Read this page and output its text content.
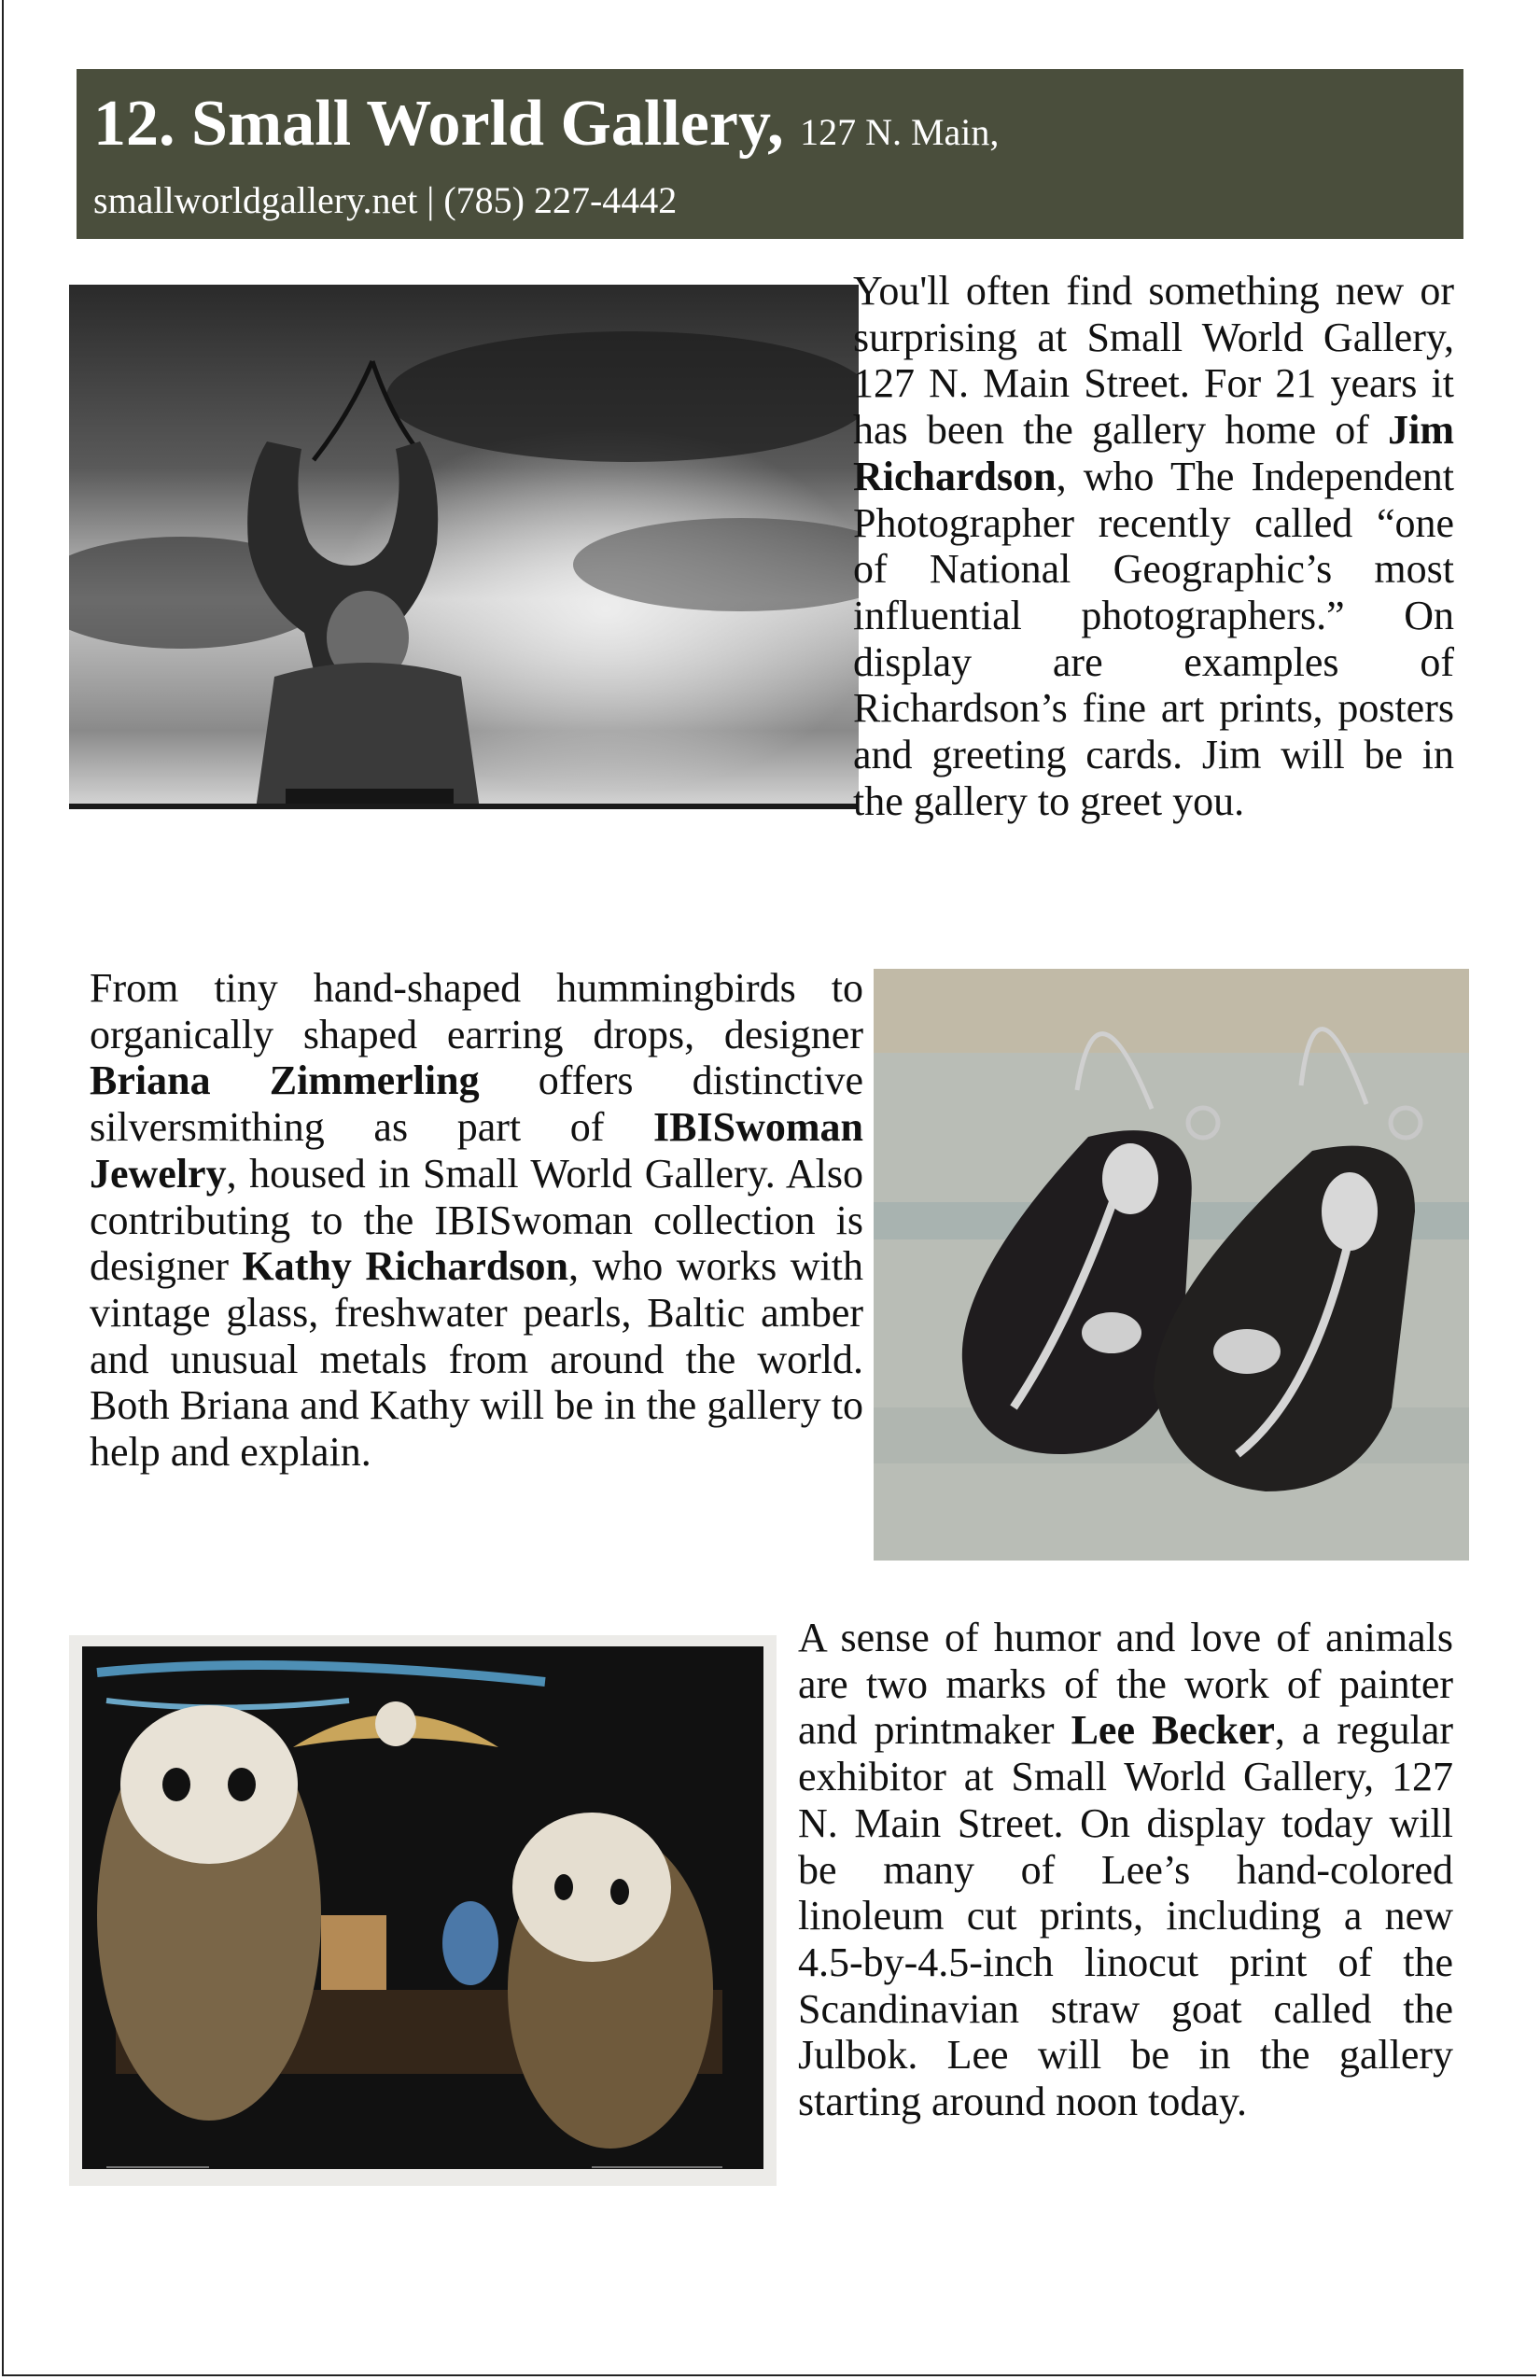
12. Small World Gallery, 127 N. Main,
smallworldgallery.net | (785) 227-4442

You'll often find something new or surprising at Small World Gallery, 127 N. Main Street. For 21 years it has been the gallery home of Jim Richardson, who The Independent Photographer recently called “one of National Geographic’s most influential photographers.” On display are examples of Richardson’s fine art prints, posters and greeting cards. Jim will be in the gallery to greet you.

From tiny hand-shaped hummingbirds to organically shaped earring drops, designer Briana Zimmerling offers distinctive silversmithing as part of IBISwoman Jewelry, housed in Small World Gallery. Also contributing to the IBISwoman collection is designer Kathy Richardson, who works with vintage glass, freshwater pearls, Baltic amber and unusual metals from around the world. Both Briana and Kathy will be in the gallery to help and explain.

A sense of humor and love of animals are two marks of the work of painter and printmaker Lee Becker, a regular exhibitor at Small World Gallery, 127 N. Main Street. On display today will be many of Lee’s hand-colored linoleum cut prints, including a new 4.5-by-4.5-inch linocut print of the Scandinavian straw goat called the Julbok. Lee will be in the gallery starting around noon today.
